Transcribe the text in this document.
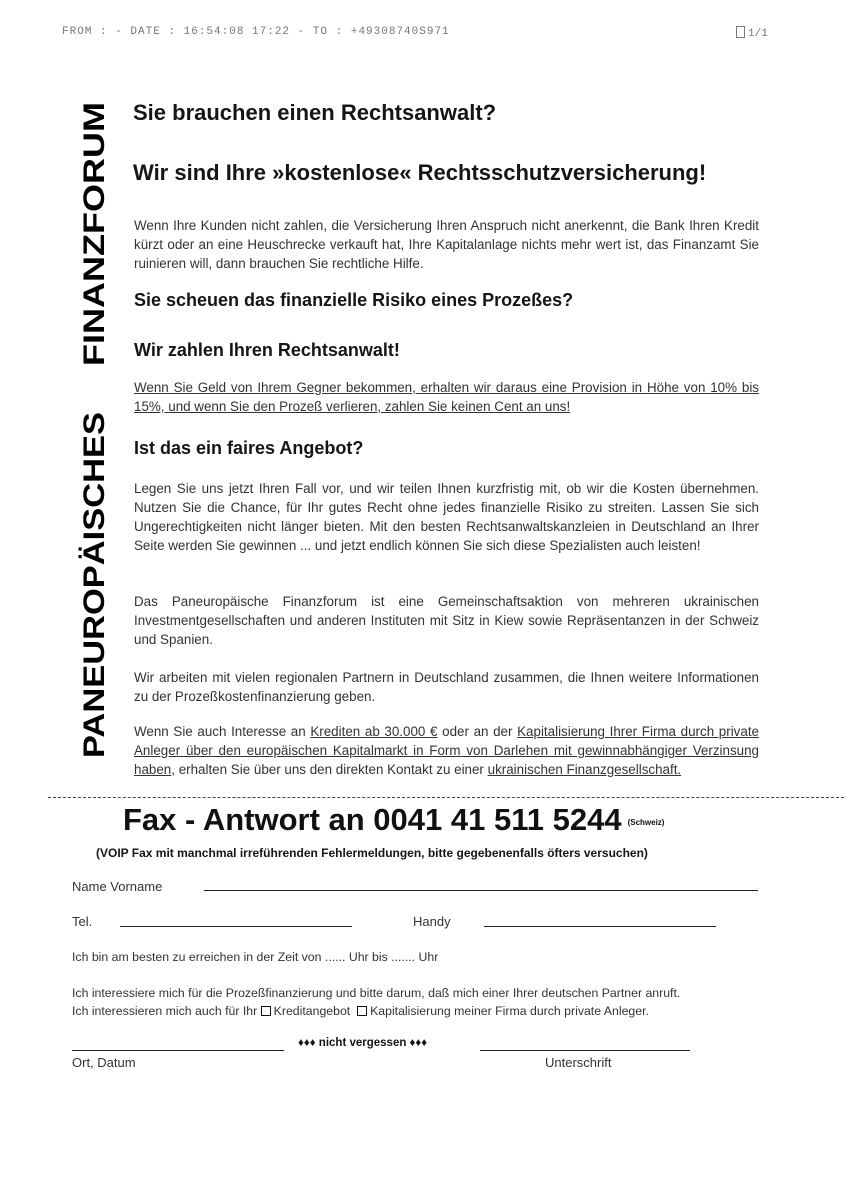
FROM : - DATE : 16:54:08 17:22 - TO : +49308740S971	1/1
PANEUROPÄISCHES
FINANZFORUM
Sie brauchen einen Rechtsanwalt?
Wir sind Ihre »kostenlose« Rechtsschutzversicherung!
Wenn Ihre Kunden nicht zahlen, die Versicherung Ihren Anspruch nicht anerkennt, die Bank Ihren Kredit kürzt oder an eine Heuschrecke verkauft hat, Ihre Kapitalanlage nichts mehr wert ist, das Finanzamt Sie ruinieren will, dann brauchen Sie rechtliche Hilfe.
Sie scheuen das finanzielle Risiko eines Prozeßes?
Wir zahlen Ihren Rechtsanwalt!
Wenn Sie Geld von Ihrem Gegner bekommen, erhalten wir daraus eine Provision in Höhe von 10% bis 15%, und wenn Sie den Prozeß verlieren, zahlen Sie keinen Cent an uns!
Ist das ein faires Angebot?
Legen Sie uns jetzt Ihren Fall vor, und wir teilen Ihnen kurzfristig mit, ob wir die Kosten übernehmen. Nutzen Sie die Chance, für Ihr gutes Recht ohne jedes finanzielle Risiko zu streiten. Lassen Sie sich Ungerechtigkeiten nicht länger bieten. Mit den besten Rechtsanwaltskanzleien in Deutschland an Ihrer Seite werden Sie gewinnen ... und jetzt endlich können Sie sich diese Spezialisten auch leisten!
Das Paneuropäische Finanzforum ist eine Gemeinschaftsaktion von mehreren ukrainischen Investmentgesellschaften und anderen Instituten mit Sitz in Kiew sowie Repräsentanzen in der Schweiz und Spanien.
Wir arbeiten mit vielen regionalen Partnern in Deutschland zusammen, die Ihnen weitere Informationen zu der Prozeßkostenfinanzierung geben.
Wenn Sie auch Interesse an Krediten ab 30.000 € oder an der Kapitalisierung Ihrer Firma durch private Anleger über den europäischen Kapitalmarkt in Form von Darlehen mit gewinnabhängiger Verzinsung haben, erhalten Sie über uns den direkten Kontakt zu einer ukrainischen Finanzgesellschaft.
Fax - Antwort an 0041 41 511 5244 (Schweiz)
(VOIP Fax mit manchmal irreführenden Fehlermeldungen, bitte gegebenenfalls öfters versuchen)
Name Vorname
Tel.	Handy
Ich bin am besten zu erreichen in der Zeit von ...... Uhr bis ....... Uhr
Ich interessiere mich für die Prozeßfinanzierung und bitte darum, daß mich einer Ihrer deutschen Partner anruft.
Ich interessieren mich auch für Ihr Kreditangebot Kapitalisierung meiner Firma durch private Anleger.
♦♦♦ nicht vergessen ♦♦♦
Ort, Datum	Unterschrift
